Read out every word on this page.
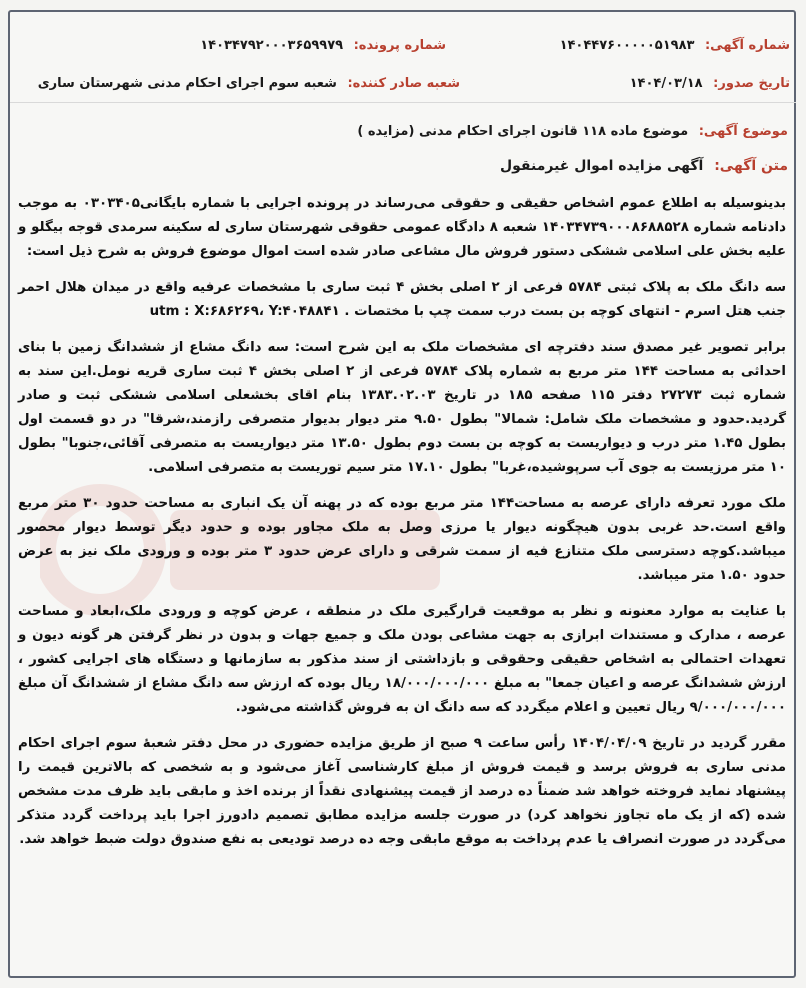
شماره آگهی: ۱۴۰۴۴۷۶۰۰۰۰۰۵۱۹۸۳
شماره پرونده: ۱۴۰۳۴۷۹۲۰۰۰۳۶۵۹۹۷۹
تاریخ صدور: ۱۴۰۴/۰۳/۱۸
شعبه صادر کننده: شعبه سوم اجرای احکام مدنی شهرستان ساری
موضوع آگهی: موضوع ماده ۱۱۸ قانون اجرای احکام مدنی (مزایده )
متن آگهی: آگهی مزایده اموال غیرمنقول

بدینوسیله به اطلاع عموم اشخاص حقیقی و حقوقی می‌رساند در پرونده اجرایی با شماره بایگانی۰۳۰۳۴۰۵ به موجب دادنامه شماره ۱۴۰۳۴۷۳۹۰۰۰۸۶۸۸۵۲۸ شعبه ۸ دادگاه عمومی حقوقی شهرستان ساری له سکینه سرمدی قوجه بیگلو و علیه بخش علی اسلامی ششکی دستور فروش مال مشاعی صادر شده است اموال موضوع فروش به شرح ذیل است:

سه دانگ ملک به پلاک ثبتی ۵۷۸۴ فرعی از ۲ اصلی بخش ۴ ثبت ساری با مشخصات عرفیه واقع در میدان هلال احمر جنب هتل اسرم - انتهای کوچه بن بست درب سمت چپ با مختصات . utm : X:۶۸۶۲۶۹، Y:۴۰۴۸۸۴۱

برابر تصویر غیر مصدق سند دفترچه ای مشخصات ملک به این شرح است: سه دانگ مشاع از ششدانگ زمین با بنای احداثی به مساحت ۱۴۴ متر مربع به شماره پلاک ۵۷۸۴ فرعی از ۲ اصلی بخش ۴ ثبت ساری قریه نومل.این سند به شماره ثبت ۲۷۲۷۳ دفتر ۱۱۵ صفحه ۱۸۵ در تاریخ ۱۳۸۳.۰۲.۰۳ بنام اقای بخشعلی اسلامی ششکی ثبت و صادر گردید.حدود و مشخصات ملک شامل: شمالا" بطول ۹.۵۰ متر دیوار بدیوار متصرفی رازمند،شرقا" در دو قسمت اول بطول ۱.۴۵ متر درب و دیواریست به کوچه بن بست دوم بطول ۱۳.۵۰ متر دیواریست به متصرفی آقائی،جنوبا" بطول ۱۰ متر مرزیست به جوی آب سرپوشیده،غربا" بطول ۱۷.۱۰ متر سیم توریست به متصرفی اسلامی.

ملک مورد تعرفه دارای عرصه به مساحت۱۴۴ متر مربع بوده که در پهنه آن یک انباری به مساحت حدود ۳۰ متر مربع واقع است.حد غربی بدون هیچگونه دیوار یا مرزی وصل به ملک مجاور بوده و حدود دیگر توسط دیوار محصور میباشد.کوچه دسترسی ملک متنازع فیه از سمت شرقی و دارای عرض حدود ۳ متر بوده و ورودی ملک نیز به عرض حدود ۱.۵۰ متر میباشد.

با عنایت به موارد معنونه و نظر به موقعیت قرارگیری ملک در منطقه ، عرض کوچه و ورودی ملک،ابعاد و مساحت عرصه ، مدارک و مستندات ابرازی به جهت مشاعی بودن ملک و جمیع جهات و بدون در نظر گرفتن هر گونه دیون و تعهدات احتمالی به اشخاص حقیقی وحقوقی و بازداشتی از سند مذکور به سازمانها و دستگاه های اجرایی کشور ، ارزش ششدانگ عرصه و اعیان جمعا" به مبلغ ۱۸/۰۰۰/۰۰۰/۰۰۰ ریال بوده که ارزش سه دانگ مشاع از ششدانگ آن مبلغ ۹/۰۰۰/۰۰۰/۰۰۰ ریال تعیین و اعلام میگردد که سه دانگ ان به فروش گذاشته می‌شود.

مقرر گردید در تاریخ ۱۴۰۴/۰۴/۰۹ رأس ساعت ۹ صبح از طریق مزایده حضوری در محل دفتر شعبهٔ سوم اجرای احکام مدنی ساری به فروش برسد و قیمت فروش از مبلغ کارشناسی آغاز می‌شود و به شخصی که بالاترین قیمت را پیشنهاد نماید فروخته خواهد شد ضمناً ده درصد از قیمت پیشنهادی نقداً از برنده اخذ و مابقی باید ظرف مدت مشخص شده (که از یک ماه تجاوز نخواهد کرد) در صورت جلسه مزایده مطابق تصمیم دادورز اجرا باید پرداخت گردد متذکر می‌گردد در صورت انصراف یا عدم پرداخت به موقع مابقی وجه ده درصد تودیعی به نفع صندوق دولت ضبط خواهد شد.
